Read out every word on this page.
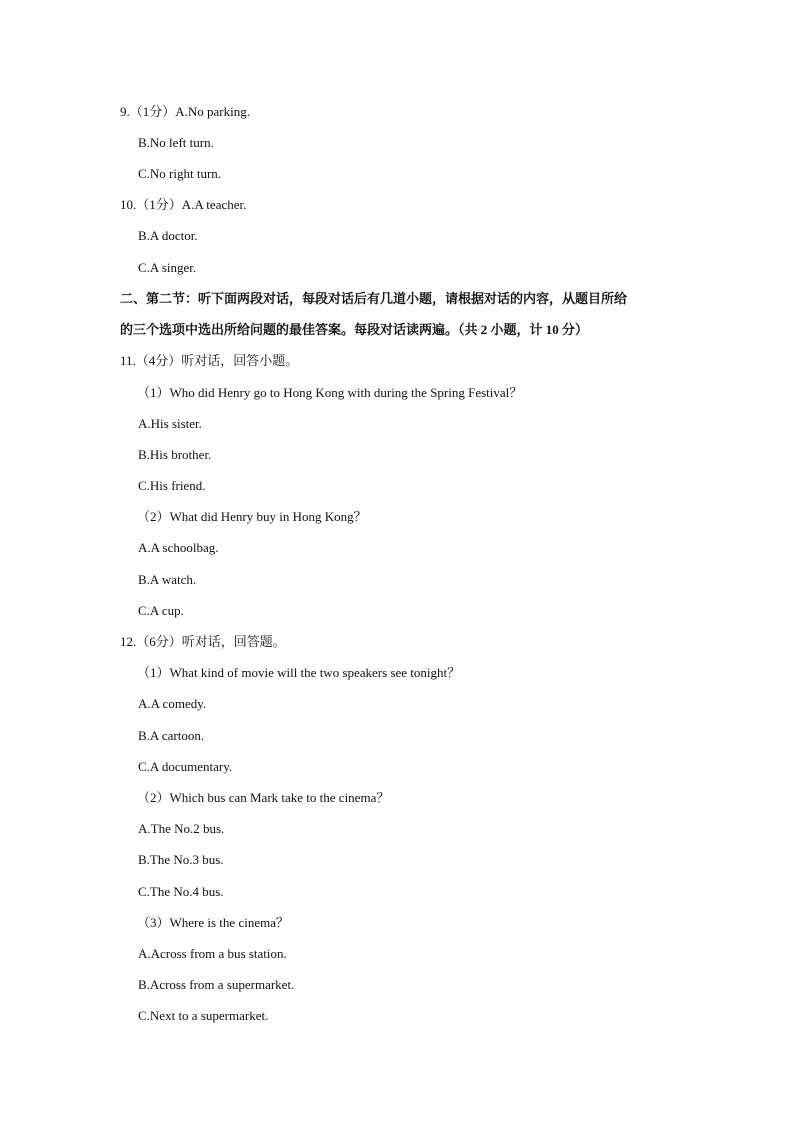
9.（1分）A.No parking.
B.No left turn.
C.No right turn.
10.（1分）A.A teacher.
B.A doctor.
C.A singer.
二、第二节：听下面两段对话，每段对话后有几道小题，请根据对话的内容，从题目所给
的三个选项中选出所给问题的最佳答案。每段对话读两遍。（共 2 小题，计 10 分）
11.（4分）听对话，回答小题。
（1）Who did Henry go to Hong Kong with during the Spring Festival？
A.His sister.
B.His brother.
C.His friend.
（2）What did Henry buy in Hong Kong？
A.A schoolbag.
B.A watch.
C.A cup.
12.（6分）听对话，回答题。
（1）What kind of movie will the two speakers see tonight？
A.A comedy.
B.A cartoon.
C.A documentary.
（2）Which bus can Mark take to the cinema？
A.The No.2 bus.
B.The No.3 bus.
C.The No.4 bus.
（3）Where is the cinema？
A.Across from a bus station.
B.Across from a supermarket.
C.Next to a supermarket.
